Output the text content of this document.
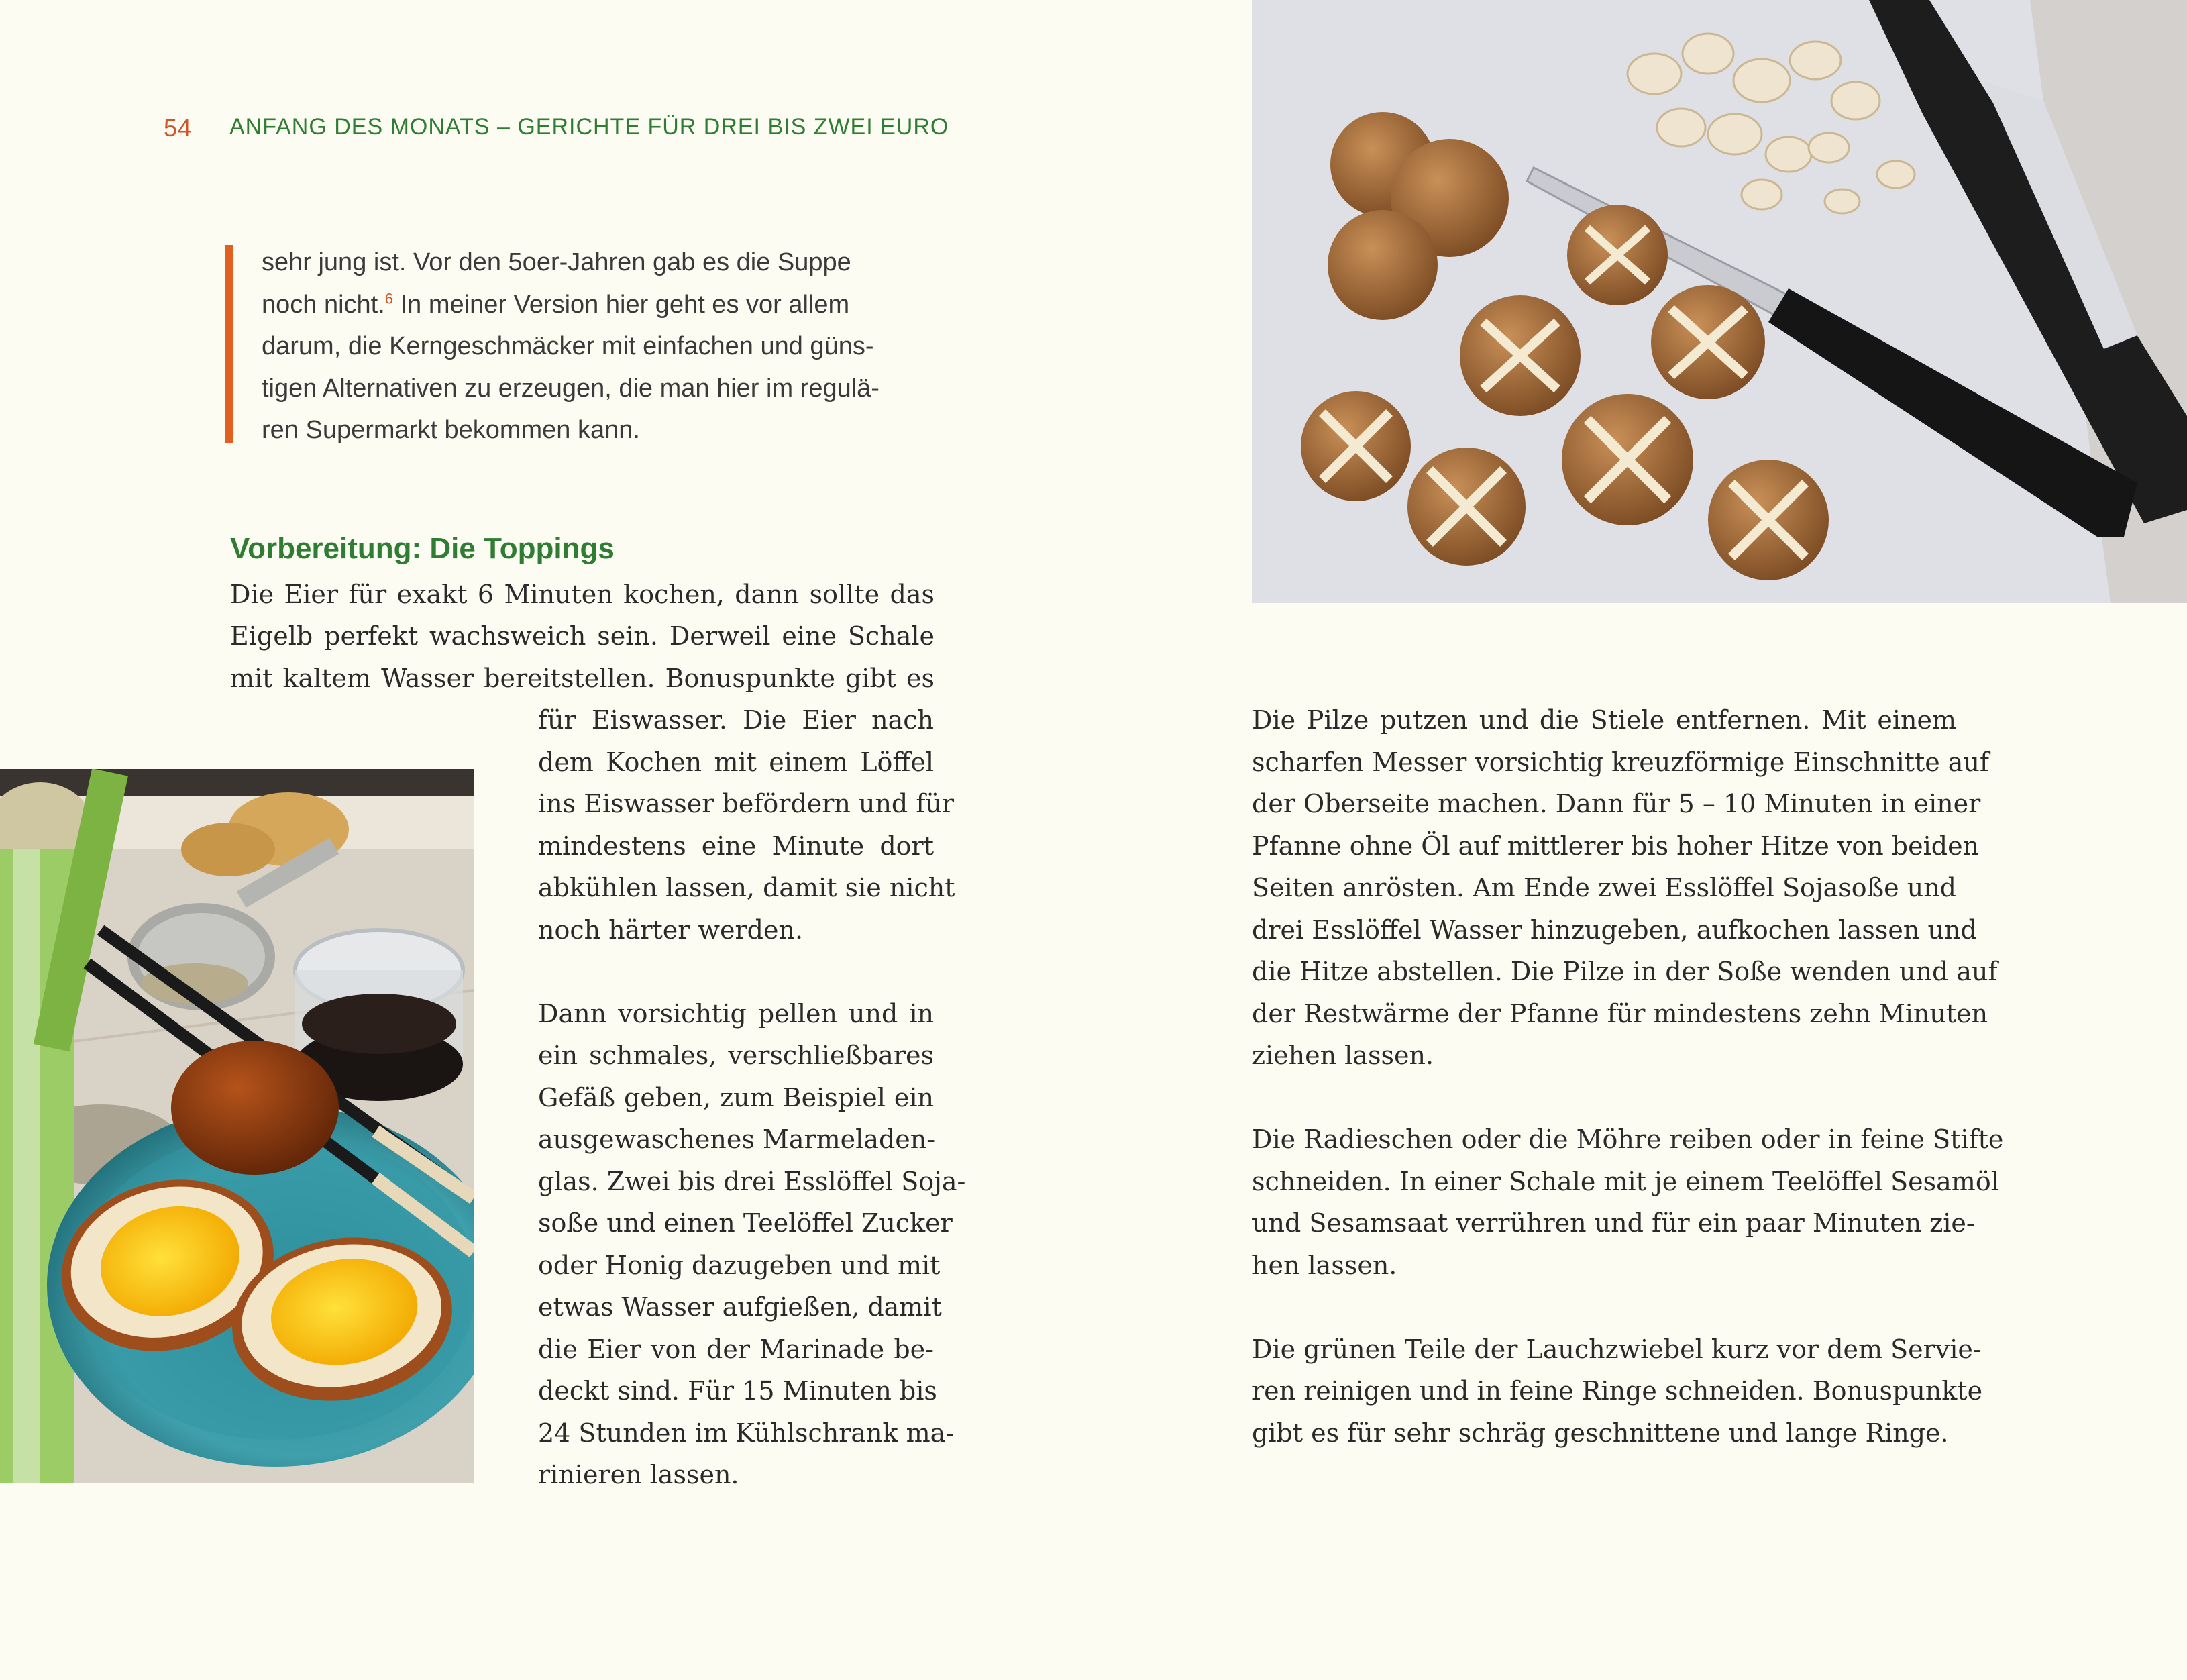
54 ANFANG DES MONATS – GERICHTE FÜR DREI BIS ZWEI EURO

sehr jung ist. Vor den 5oer-Jahren gab es die Suppe

noch nicht.$^6$ In meiner Version hier geht es vor allem

darum, die Kerngeschmäcker mit einfachen und güns-

tigen Alternativen zu erzeugen, die man hier im regulä-

ren Supermarkt bekommen kann.

Vorbereitung: Die Toppings
Die Eier für exakt 6 Minuten kochen, dann sollte das
Eigelb perfekt wachsweich sein. Derweil eine Schale
mit kaltem Wasser bereitstellen. Bonuspunkte gibt es
für Eiswasser. Die Eier nach
dem Kochen mit einem Löffel
ins Eiswasser befördern und für
mindestens eine Minute dort
abkühlen lassen, damit sie nicht
noch härter werden.
Dann vorsichtig pellen und in
ein schmales, verschließbares
Gefäß geben, zum Beispiel ein
ausgewaschenes Marmeladen-
glas. Zwei bis drei Esslöffel Soja-
soße und einen Teelöffel Zucker
oder Honig dazugeben und mit
etwas Wasser aufgießen, damit
die Eier von der Marinade be-
deckt sind. Für 15 Minuten bis
24 Stunden im Kühlschrank ma-
rinieren lassen.
Die Pilze putzen und die Stiele entfernen. Mit einem
scharfen Messer vorsichtig kreuzförmige Einschnitte auf
der Oberseite machen. Dann für 5 – 10 Minuten in einer
Pfanne ohne Öl auf mittlerer bis hoher Hitze von beiden
Seiten anrösten. Am Ende zwei Esslöffel Sojasoße und
drei Esslöffel Wasser hinzugeben, aufkochen lassen und
die Hitze abstellen. Die Pilze in der Soße wenden und auf
der Restwärme der Pfanne für mindestens zehn Minuten
ziehen lassen.
Die Radieschen oder die Möhre reiben oder in feine Stifte
schneiden. In einer Schale mit je einem Teelöffel Sesamöl
und Sesamsaat verrühren und für ein paar Minuten zie-
hen lassen.
Die grünen Teile der Lauchzwiebel kurz vor dem Servie-
ren reinigen und in feine Ringe schneiden. Bonuspunkte
gibt es für sehr schräg geschnittene und lange Ringe.
